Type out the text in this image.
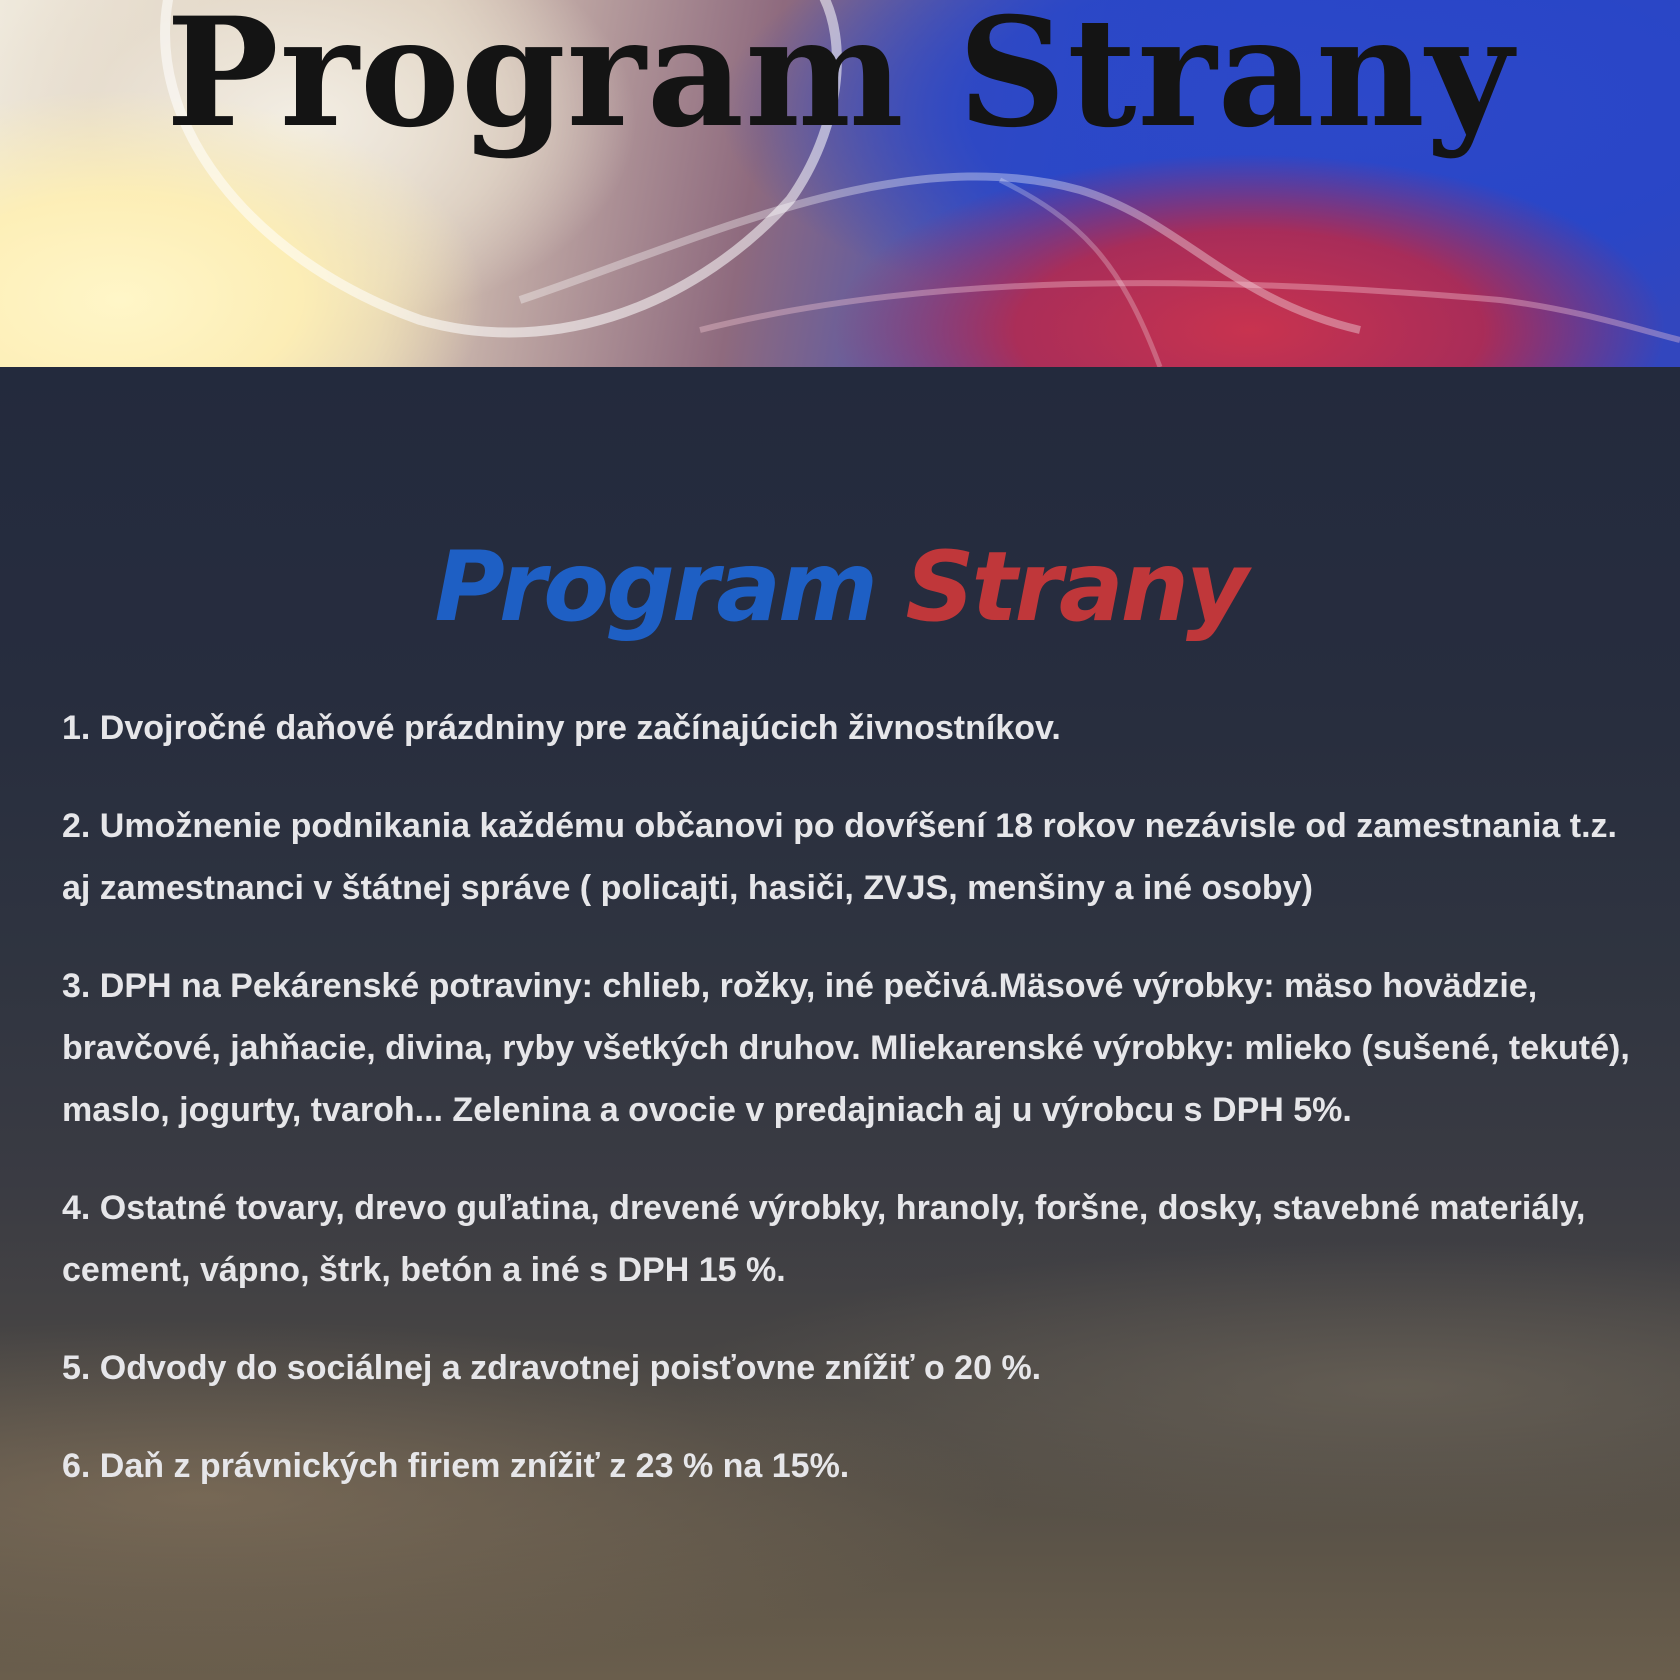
Program Strany
Program Strany
1. Dvojročné daňové prázdniny pre začínajúcich živnostníkov.
2. Umožnenie podnikania každému občanovi po dovŕšení 18 rokov nezávisle od zamestnania t.z. aj zamestnanci v štátnej správe ( policajti, hasiči, ZVJS, menšiny a iné osoby)
3. DPH na Pekárenské potraviny: chlieb, rožky, iné pečivá.Mäsové výrobky: mäso hovädzie, bravčové, jahňacie, divina, ryby všetkých druhov. Mliekarenské výrobky: mlieko (sušené, tekuté), maslo, jogurty, tvaroh... Zelenina a ovocie v predajniach aj u výrobcu s DPH 5%.
4. Ostatné tovary, drevo guľatina, drevené výrobky, hranoly, foršne, dosky, stavebné materiály, cement, vápno, štrk, betón a iné s DPH 15 %.
5. Odvody do sociálnej a zdravotnej poisťovne znížiť o 20 %.
6. Daň z právnických firiem znížiť z 23 % na 15%.
